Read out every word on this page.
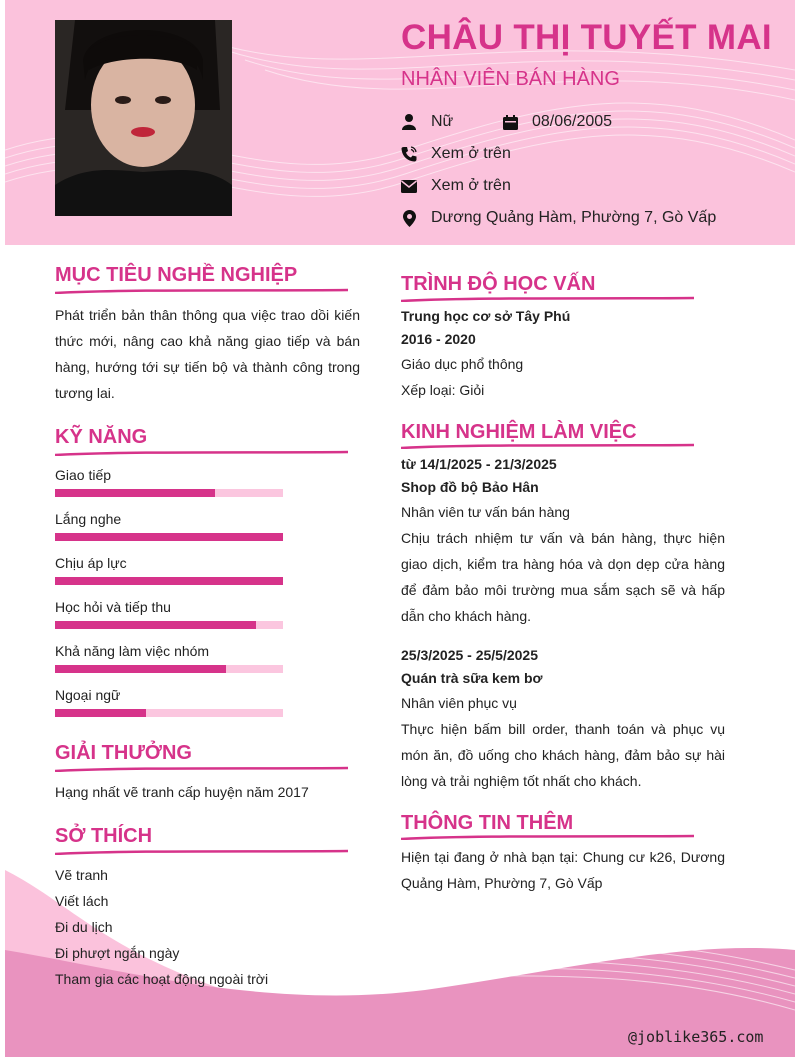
CHÂU THỊ TUYẾT MAI
NHÂN VIÊN BÁN HÀNG
Nữ	08/06/2005
Xem ở trên
Xem ở trên
Dương Quảng Hàm, Phường 7, Gò Vấp
MỤC TIÊU NGHỀ NGHIỆP
Phát triển bản thân thông qua việc trao dồi kiến thức mới, nâng cao khả năng giao tiếp và bán hàng, hướng tới sự tiến bộ và thành công trong tương lai.
KỸ NĂNG
Giao tiếp
Lắng nghe
Chịu áp lực
Học hỏi và tiếp thu
Khả năng làm việc nhóm
Ngoại ngữ
GIẢI THƯỞNG
Hạng nhất vẽ tranh cấp huyện năm 2017
SỞ THÍCH
Vẽ tranh
Viết lách
Đi du lịch
Đi phượt ngắn ngày
Tham gia các hoạt động ngoài trời
TRÌNH ĐỘ HỌC VẤN
Trung học cơ sở Tây Phú
2016 - 2020
Giáo dục phổ thông
Xếp loại: Giỏi
KINH NGHIỆM LÀM VIỆC
từ 14/1/2025 - 21/3/2025
Shop đồ bộ Bảo Hân
Nhân viên tư vấn bán hàng
Chịu trách nhiệm tư vấn và bán hàng, thực hiện giao dịch, kiểm tra hàng hóa và dọn dẹp cửa hàng để đảm bảo môi trường mua sắm sạch sẽ và hấp dẫn cho khách hàng.
25/3/2025 - 25/5/2025
Quán trà sữa kem bơ
Nhân viên phục vụ
Thực hiện bấm bill order, thanh toán và phục vụ món ăn, đồ uống cho khách hàng, đảm bảo sự hài lòng và trải nghiệm tốt nhất cho khách.
THÔNG TIN THÊM
Hiện tại đang ở nhà bạn tại: Chung cư k26, Dương Quảng Hàm, Phường 7, Gò Vấp
@joblike365.com
